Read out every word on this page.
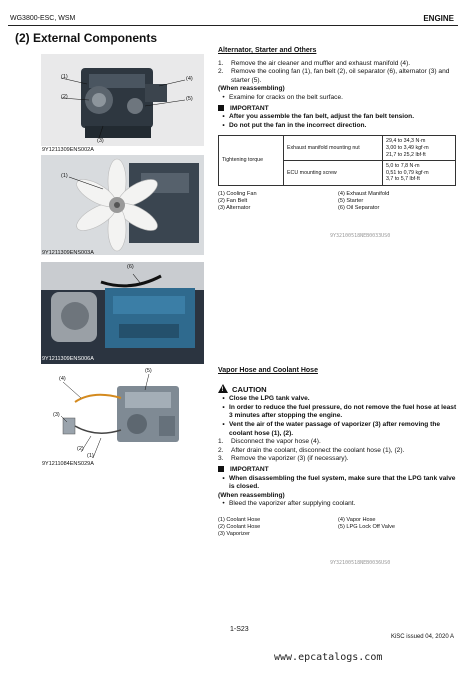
WG3800-ESC, WSM	ENGINE
(2) External Components
(1)
(2)
(3)
(4)
(5)
9Y1211309ENS002A
(1)
9Y1211309ENS003A
(6)
9Y1211309ENS006A
(4)
(5)
(3)
(2)
(1)
9Y1211084ENS029A
Alternator, Starter and Others
1.	Remove the air cleaner and muffler and exhaust manifold (4).
2.	Remove the cooling fan (1), fan belt (2), oil separator (6), alternator (3) and starter (5).
(When reassembling)
• Examine for cracks on the belt surface.
IMPORTANT
• After you assemble the fan belt, adjust the fan belt tension.
• Do not put the fan in the incorrect direction.
Tightening torque	Exhaust manifold mounting nut	29,4 to 34,3 N·m
3,00 to 3,49 kgf·m
21,7 to 25,2 lbf·ft

	ECU mounting screw	5,0 to 7,8 N·m
0,51 to 0,79 kgf·m
3,7 to 5,7 lbf·ft
(1) Cooling Fan	(4) Exhaust Manifold
(2) Fan Belt	(5) Starter
(3) Alternator	(6) Oil Separator
9Y32100518NEB0033US0
Vapor Hose and Coolant Hose
!CAUTION
• Close the LPG tank valve.
• In order to reduce the fuel pressure, do not remove the fuel hose at least 3 minutes after stopping the engine.
• Vent the air of the water passage of vaporizer (3) after removing the coolant hose (1), (2).
1.	Disconnect the vapor hose (4).
2.	After drain the coolant, disconnect the coolant hose (1), (2).
3.	Remove the vaporizer (3) (if necessary).
IMPORTANT
• When disassembling the fuel system, make sure that the LPG tank valve is closed.
(When reassembling)
• Bleed the vaporizer after supplying coolant.
(1) Coolant Hose	(4) Vapor Hose
(2) Coolant Hose	(5) LPG Lock Off Valve
(3) Vaporizer
9Y32100518NEB0036US0
1-S23
KiSC issued 04, 2020 A
www.epcatalogs.com
